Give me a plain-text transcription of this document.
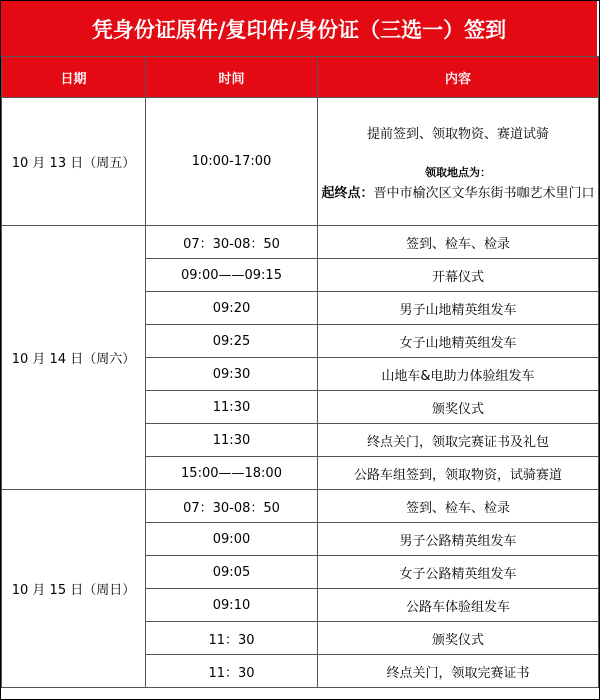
凭身份证原件/复印件/身份证（三选一）签到
日期	时间	内容
10 月 13 日（周五）	10:00-17:00	提前签到、领取物资、赛道试骑
领取地点为：
起终点：晋中市榆次区文华东街书咖艺术里门口

10 月 14 日（周六）	07：30-08：50	签到、检车、检录
	09:00——09:15	开幕仪式
	09:20	男子山地精英组发车
	09:25	女子山地精英组发车
	09:30	山地车&电助力体验组发车
	11:30	颁奖仪式
	11:30	终点关门，领取完赛证书及礼包
	15:00——18:00	公路车组签到，领取物资，试骑赛道
10 月 15 日（周日）	07：30-08：50	签到、检车、检录
	09:00	男子公路精英组发车
	09:05	女子公路精英组发车
	09:10	公路车体验组发车
	11：30	颁奖仪式
	11：30	终点关门，领取完赛证书
